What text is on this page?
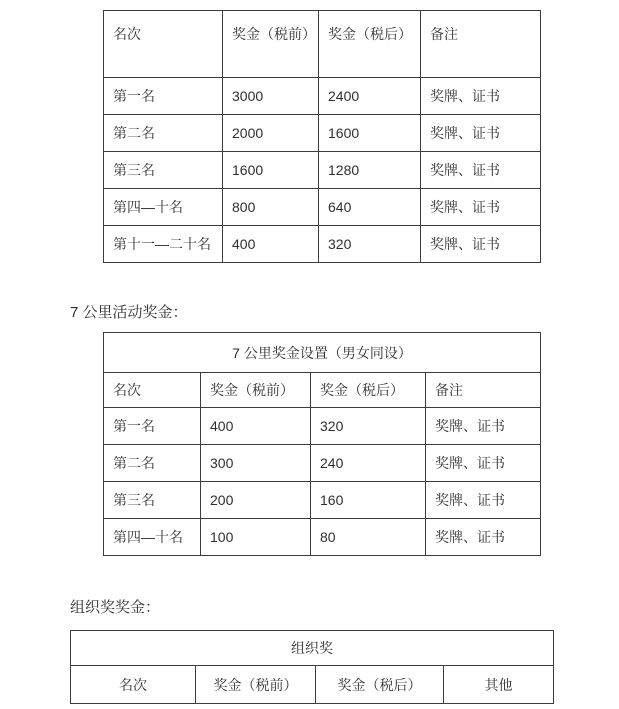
名次	奖金（税前）	奖金（税后）	备注
第一名	3000	2400	奖牌、证书
第二名	2000	1600	奖牌、证书
第三名	1600	1280	奖牌、证书
第四—十名	800	640	奖牌、证书
第十一—二十名	400	320	奖牌、证书
7 公里活动奖金：
7 公里奖金设置（男女同设）			
名次	奖金（税前）	奖金（税后）	备注
第一名	400	320	奖牌、证书
第二名	300	240	奖牌、证书
第三名	200	160	奖牌、证书
第四—十名	100	80	奖牌、证书
组织奖奖金：
组织奖
名次	奖金（税前）	奖金（税后）	其他
